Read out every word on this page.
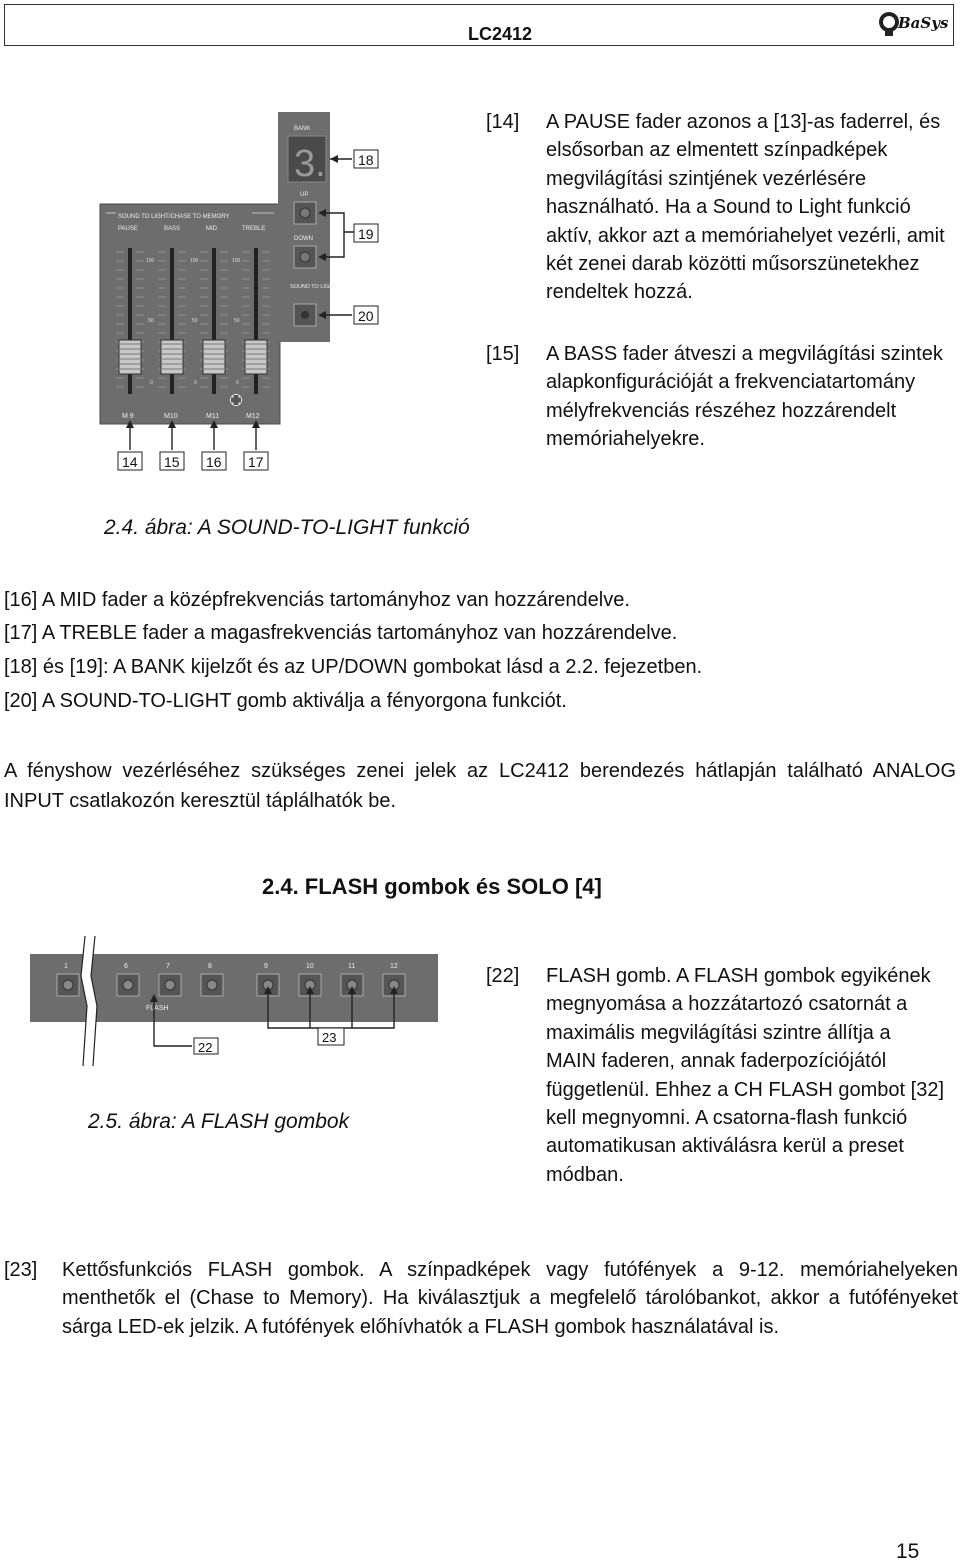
LC2412
BaSys
SOUND TO LIGHT/CHASE TO MEMORY
PAUSE	BASS	MID	TREBLE
100	100	100
50	50	50
0	0	0
M 9	M10	M11	M12
BANK
3.
UP
DOWN
SOUND TO LIGHT
18
19
20
14 15 16 17
[14] A PAUSE fader azonos a [13]-as faderrel, és elsősorban az elmentett színpadképek megvilágítási szintjének vezérlésére használható. Ha a Sound to Light funkció aktív, akkor azt a memóriahelyet vezérli, amit két zenei darab közötti műsorszünetekhez rendeltek hozzá.
[15] A BASS fader átveszi a megvilágítási szintek alapkonfigurációját a frekvenciatartomány mélyfrekvenciás részéhez hozzárendelt memóriahelyekre.
2.4. ábra: A SOUND-TO-LIGHT funkció
[16] A MID fader a középfrekvenciás tartományhoz van hozzárendelve.
[17] A TREBLE fader a magasfrekvenciás tartományhoz van hozzárendelve.
[18] és [19]: A BANK kijelzőt és az UP/DOWN gombokat lásd a 2.2. fejezetben.
[20] A SOUND-TO-LIGHT gomb aktiválja a fényorgona funkciót.
A fényshow vezérléséhez szükséges zenei jelek az LC2412 berendezés hátlapján található ANALOG INPUT csatlakozón keresztül táplálhatók be.
2.4. FLASH gombok és SOLO [4]
1	6	7	8	9	10	11	12
FLASH
22
23
2.5. ábra: A FLASH gombok
[22] FLASH gomb. A FLASH gombok egyikének megnyomása a hozzátartozó csatornát a maximális megvilágítási szintre állítja a MAIN faderen, annak faderpozíciójától függetlenül. Ehhez a CH FLASH gombot [32] kell megnyomni. A csatorna-flash funkció automatikusan aktiválásra kerül a preset módban.
[23] Kettősfunkciós FLASH gombok. A színpadképek vagy futófények a 9-12. memóriahelyeken menthetők el (Chase to Memory). Ha kiválasztjuk a megfelelő tárolóbankot, akkor a futófényeket sárga LED-ek jelzik. A futófények előhívhatók a FLASH gombok használatával is.
15
